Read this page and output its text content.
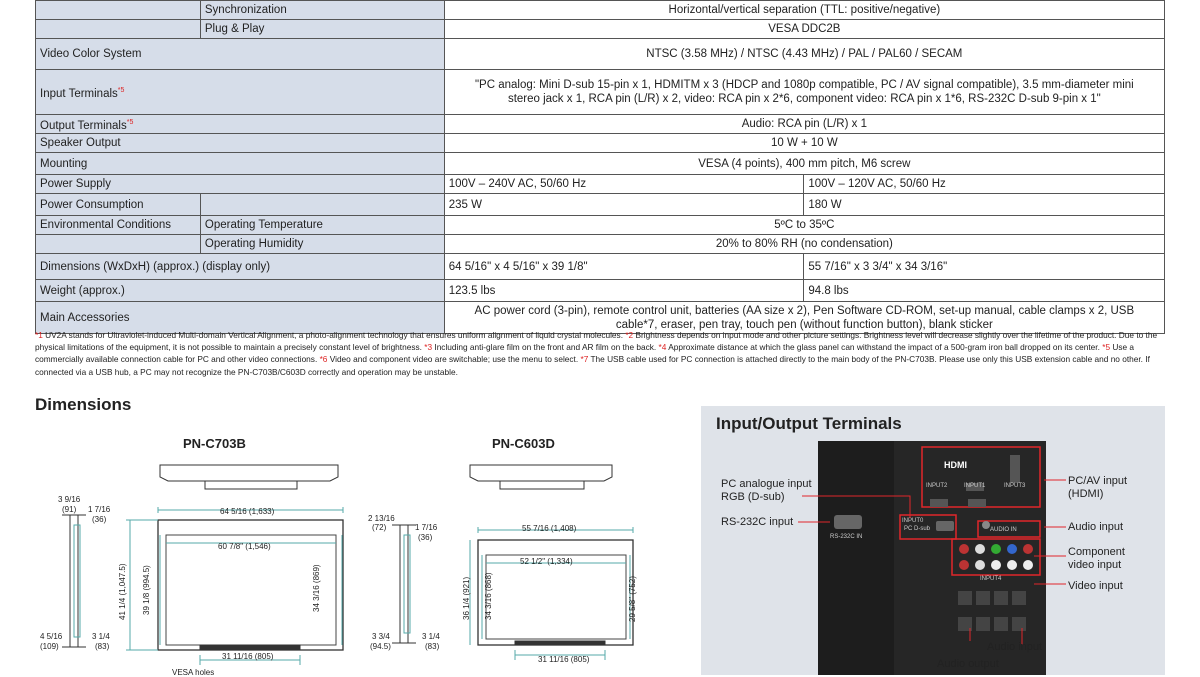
	Synchronization	Horizontal/vertical separation (TTL: positive/negative)	
	Plug & Play	VESA DDC2B	
Video Color System		NTSC (3.58 MHz) / NTSC (4.43 MHz) / PAL / PAL60 / SECAM	
Input Terminals$^{*5}$		"PC analog: Mini D-sub 15-pin x 1, HDMITM x 3 (HDCP and 1080p compatible, PC / AV signal compatible), 3.5 mm-diameter mini stereo jack x 1, RCA pin (L/R) x 2, video: RCA pin x 2*6, component video: RCA pin x 1*6, RS-232C D-sub 9-pin x 1"	
Output Terminals$^{*5}$		Audio: RCA pin (L/R) x 1	
Speaker Output		10 W + 10 W	
Mounting		VESA (4 points), 400 mm pitch, M6 screw	
Power Supply		100V – 240V AC, 50/60 Hz	100V – 120V AC, 50/60 Hz
Power Consumption		235 W	180 W
Environmental Conditions	Operating Temperature	5ºC to 35ºC	
	Operating Humidity	20% to 80% RH (no condensation)	
Dimensions (WxDxH) (approx.) (display only)		64 5/16" x 4 5/16" x 39 1/8"	55 7/16" x 3 3/4" x 34 3/16"
Weight (approx.)		123.5 lbs	94.8 lbs
Main Accessories		AC power cord (3-pin), remote control unit, batteries (AA size x 2), Pen Software CD-ROM, set-up manual, cable clamps x 2, USB cable*7, eraser, pen tray, touch pen (without function button), blank sticker	
*1 UV2A stands for Ultraviolet-induced Multi-domain Vertical Alignment, a photo-alignment technology that ensures uniform alignment of liquid crystal molecules. *2 Brightness depends on input mode and other picture settings. Brightness level will decrease slightly over the lifetime of the product. Due to the physical limitations of the equipment, it is not possible to maintain a precisely constant level of brightness. *3 Including anti-glare film on the front and AR film on the back. *4 Approximate distance at which the glass panel can withstand the impact of a 500-gram iron ball dropped on its center. *5 Use a commercially available connection cable for PC and other video connections. *6 Video and component video are switchable; use the menu to select. *7 The USB cable used for PC connection is attached directly to the main body of the PN-C703B. Please use only this USB extension cable and no other. If connected via a USB hub, a PC may not recognize the PN-C703B/C603D correctly and operation may be unstable.
Dimensions
PN-C703B	PN-C603D
3 9/16
(91) 1 7/16
(36)
64 5/16 (1,633)
60 7/8" (1,546)
41 1/4 (1,047.5) 39 1/8 (994.5)	34 3/16 (869)
4 5/16
(109)
3 1/4
(83)
31 11/16 (805)
VESA holes
2 13/16
(72)	1 7/16
(36)
55 7/16 (1,408)
52 1/2" (1,334)
36 1/4 (921) 34 3/16 (868)	29 5/8" (752)
3 3/4
(94.5)
3 1/4
(83)
31 11/16 (805)
Input/Output Terminals
HDMI
INPUT2	INPUT1	INPUT3
INPUT0
PC D-sub
RS-232C IN
AUDIO IN
INPUT4
PC analogue input
RGB (D-sub)
RS-232C input
PC/AV input
(HDMI)
Audio input
Component
video input
Video input
Audio input
Audio output
